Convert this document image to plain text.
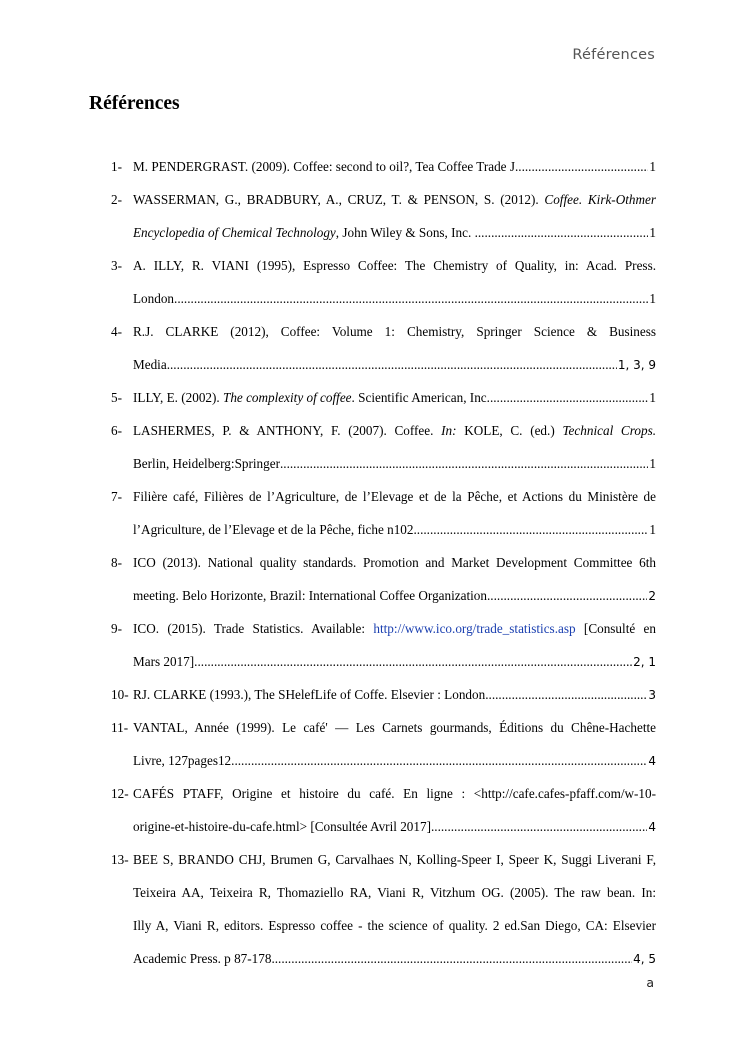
Références
Références
1- M. PENDERGRAST. (2009). Coffee: second to oil?, Tea Coffee Trade J. .....	1
2- WASSERMAN, G., BRADBURY, A., CRUZ, T. & PENSON, S. (2012). Coffee. Kirk-Othmer
Encyclopedia of Chemical Technology , John Wiley & Sons, Inc. .....	1
3- A. ILLY, R. VIANI (1995), Espresso Coffee: The Chemistry of Quality, in: Acad. Press.
London .....	1
4- R.J. CLARKE (2012), Coffee: Volume 1: Chemistry, Springer Science & Business
Media .....	1, 3, 9
5- ILLY, E. (2002). The complexity of coffee . Scientific American, Inc .....	1
6- LASHERMES, P. & ANTHONY, F. (2007). Coffee. In: KOLE, C. (ed.) Technical Crops.
Berlin, Heidelberg:Springer .....	1
7- Filière café, Filières de l’Agriculture, de l’Elevage et de la Pêche, et Actions du Ministère de
l’Agriculture, de l’Elevage et de la Pêche, fiche n102 .....	1
8- ICO (2013). National quality standards. Promotion and Market Development Committee 6th
meeting. Belo Horizonte, Brazil: International Coffee Organization .....	2
9- ICO. (2015). Trade Statistics. Available: http://www.ico.org/trade_statistics.asp [Consulté en
Mars 2017] .....	2, 1
10- RJ. CLARKE (1993.), The SHelefLife of Coffe. Elsevier : London .....	3
11- VANTAL, Année (1999). Le café' — Les Carnets gourmands, Éditions du Chêne-Hachette
Livre, 127pages12 .....	4
12- CAFÉS PTAFF, Origine et histoire du café. En ligne : <http://cafe.cafes-pfaff.com/w-10-
origine-et-histoire-du-cafe.html> [Consultée Avril 2017] .....	4
13- BEE S, BRANDO CHJ, Brumen G, Carvalhaes N, Kolling-Speer I, Speer K, Suggi Liverani F,
Teixeira AA, Teixeira R, Thomaziello RA, Viani R, Vitzhum OG. (2005). The raw bean. In:
Illy A, Viani R, editors. Espresso coffee - the science of quality. 2 ed.San Diego, CA: Elsevier
Academic Press. p 87-178 .....	4, 5
a
